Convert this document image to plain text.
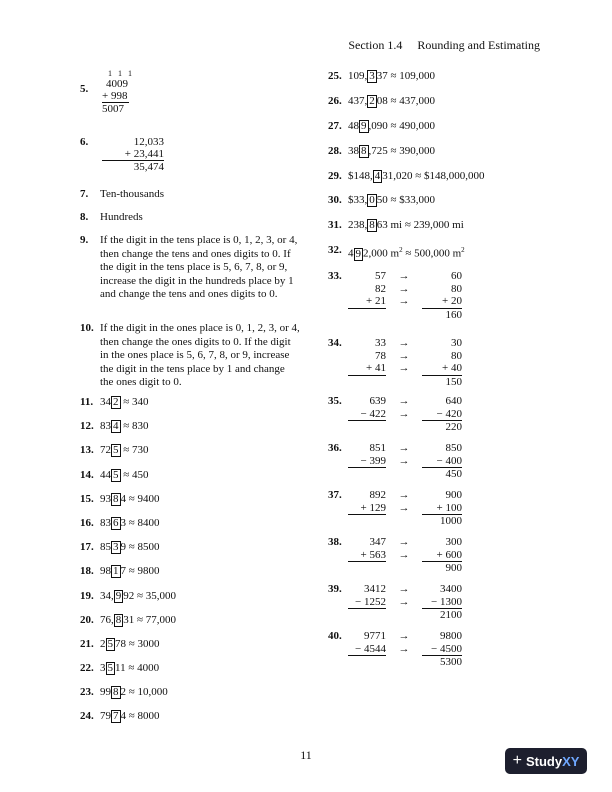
Section 1.4 Rounding and Estimating
5.
1 1 1
4009
+ 998
5007
6.	12,033
+ 23,441
35,474
7. Ten-thousands
8. Hundreds
9. If the digit in the tens place is 0, 1, 2, 3, or 4, then change the tens and ones digits to 0. If the digit in the tens place is 5, 6, 7, 8, or 9, increase the digit in the hundreds place by 1 and change the tens and ones digits to 0.
10. If the digit in the ones place is 0, 1, 2, 3, or 4, then change the ones digits to 0. If the digit in the ones place is 5, 6, 7, 8, or 9, increase the digit in the tens place by 1 and change the ones digit to 0.
11. 34 2 ≈ 340
12. 83 4 ≈ 830
13. 72 5 ≈ 730
14. 44 5 ≈ 450
15. 93 8 4 ≈ 9400
16. 83 6 3 ≈ 8400
17. 85 3 9 ≈ 8500
18. 98 1 7 ≈ 9800
19. 34, 9 92 ≈ 35,000
20. 76, 8 31 ≈ 77,000
21. 2 5 78 ≈ 3000
22. 3 5 11 ≈ 4000
23. 99 8 2 ≈ 10,000
24. 79 7 4 ≈ 8000
25. 109, 3 37 ≈ 109,000
26. 437, 2 08 ≈ 437,000
27. 48 9 ,090 ≈ 490,000
28. 38 8 ,725 ≈ 390,000
29. $148, 4 31,020 ≈ $148,000,000
30. $33, 0 50 ≈ $33,000
31. 238, 8 63 mi ≈ 239,000 mi
32. 4 9 2,000 $m^2 \approx 500,000$ $m^2$
33.	57	→	60
82	→	80
+ 21	→	+ 20
		160
34.	33	→	30
78	→	80
+ 41	→	+ 40
		150
35.	639	→	640
− 422	→	− 420
		220
36.	851	→	850
− 399	→	− 400
		450
37.	892	→	900
+ 129	→	+ 100
		1000
38.	347	→	300
+ 563	→	+ 600
		900
39. 3412	→	3400
− 1252	→	− 1300
		2100
40. 9771	→	9800
− 4544	→	− 4500
		5300
11	+ StudyXY
